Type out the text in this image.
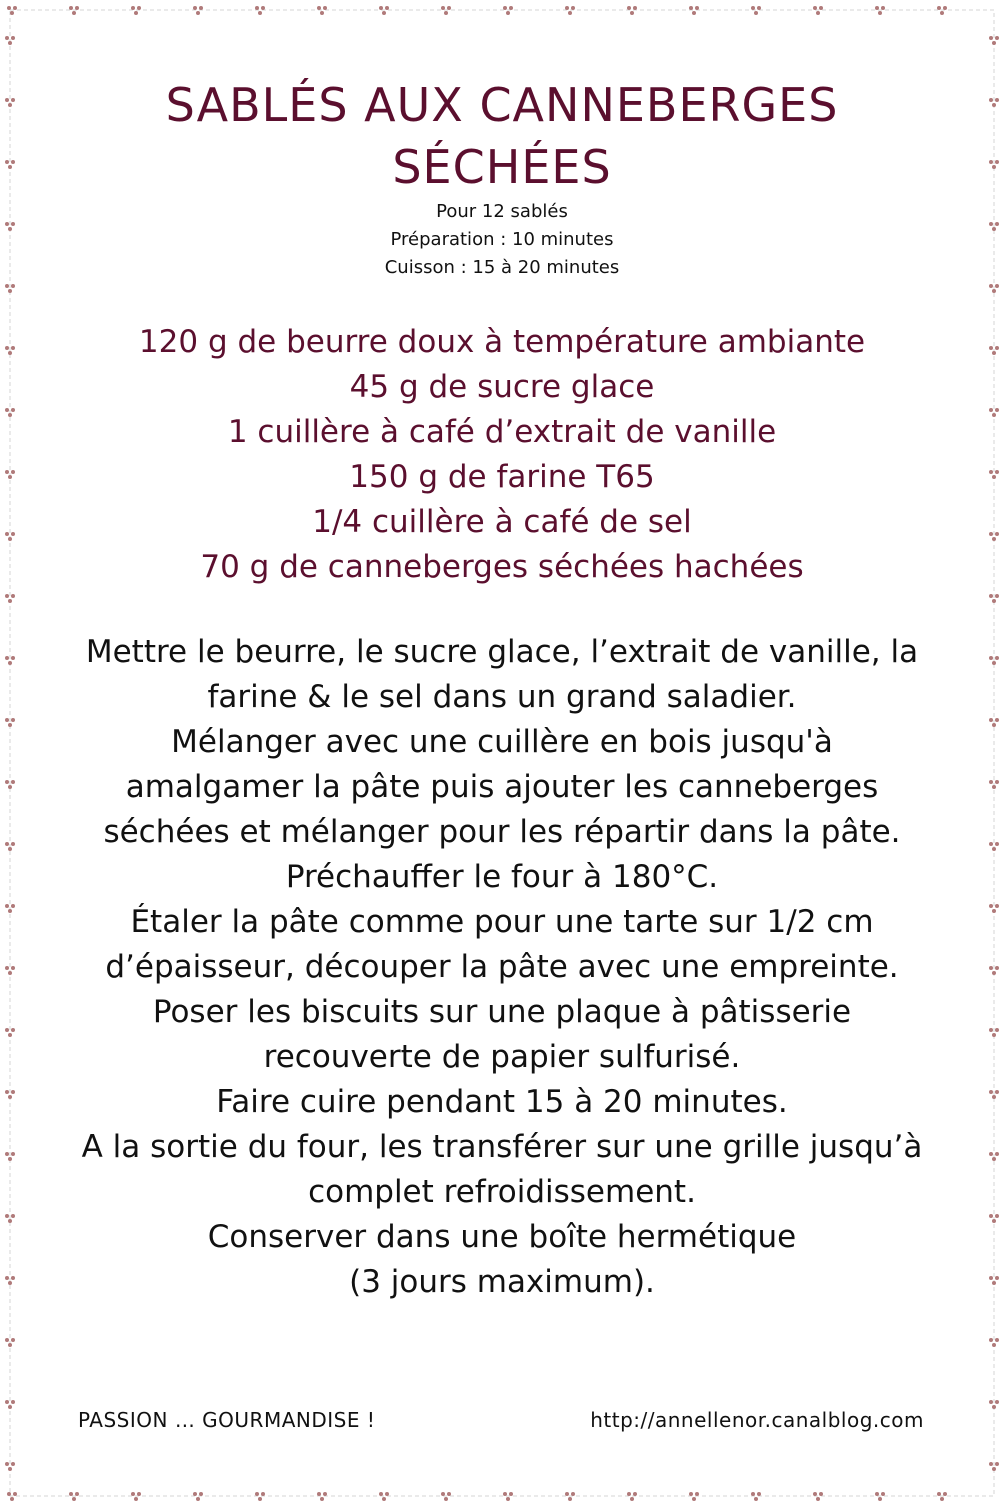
SABLÉS AUX CANNEBERGES
SÉCHÉES
Pour 12 sablés
Préparation : 10 minutes
Cuisson : 15 à 20 minutes
120 g de beurre doux à température ambiante
45 g de sucre glace
1 cuillère à café d’extrait de vanille
150 g de farine T65
1/4 cuillère à café de sel
70 g de canneberges séchées hachées
Mettre le beurre, le sucre glace, l’extrait de vanille, la
farine & le sel dans un grand saladier.
Mélanger avec une cuillère en bois jusqu'à
amalgamer la pâte puis ajouter les canneberges
séchées et mélanger pour les répartir dans la pâte.
Préchauffer le four à 180°C.
Étaler la pâte comme pour une tarte sur 1/2 cm
d’épaisseur, découper la pâte avec une empreinte.
Poser les biscuits sur une plaque à pâtisserie
recouverte de papier sulfurisé.
Faire cuire pendant 15 à 20 minutes.
A la sortie du four, les transférer sur une grille jusqu’à
complet refroidissement.
Conserver dans une boîte hermétique
(3 jours maximum).
PASSION … GOURMANDISE !	http://annellenor.canalblog.com
